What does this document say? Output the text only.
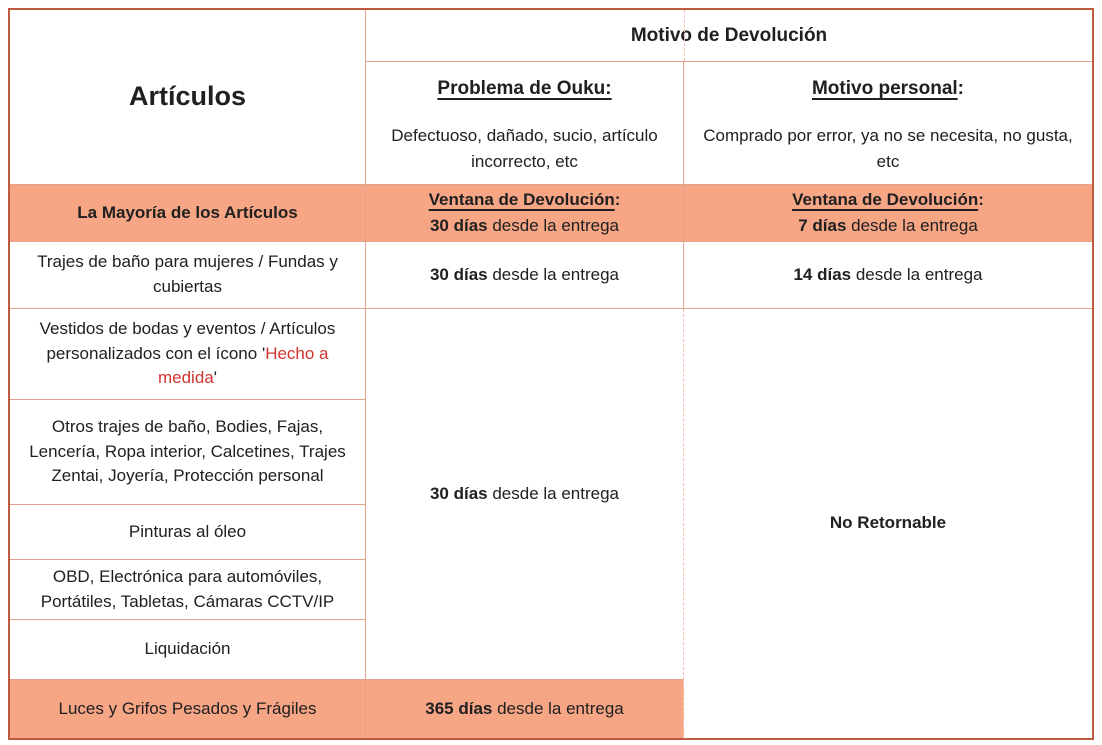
Artículos
Motivo de Devolución
Problema de Ouku:
Defectuoso, dañado, sucio, artículo incorrecto, etc
Motivo personal:
Comprado por error, ya no se necesita, no gusta, etc
La Mayoría de los Artículos
Ventana de Devolución:
30 días desde la entrega
Ventana de Devolución:
7 días desde la entrega
Trajes de baño para mujeres / Fundas y cubiertas
30 días desde la entrega	14 días desde la entrega
Vestidos de bodas y eventos / Artículos personalizados con el ícono 'Hecho a medida'
Otros trajes de baño, Bodies, Fajas, Lencería, Ropa interior, Calcetines, Trajes Zentai, Joyería, Protección personal
Pinturas al óleo
OBD, Electrónica para automóviles, Portátiles, Tabletas, Cámaras CCTV/IP
Liquidación
30 días desde la entrega
No Retornable
Luces y Grifos Pesados y Frágiles	365 días desde la entrega
